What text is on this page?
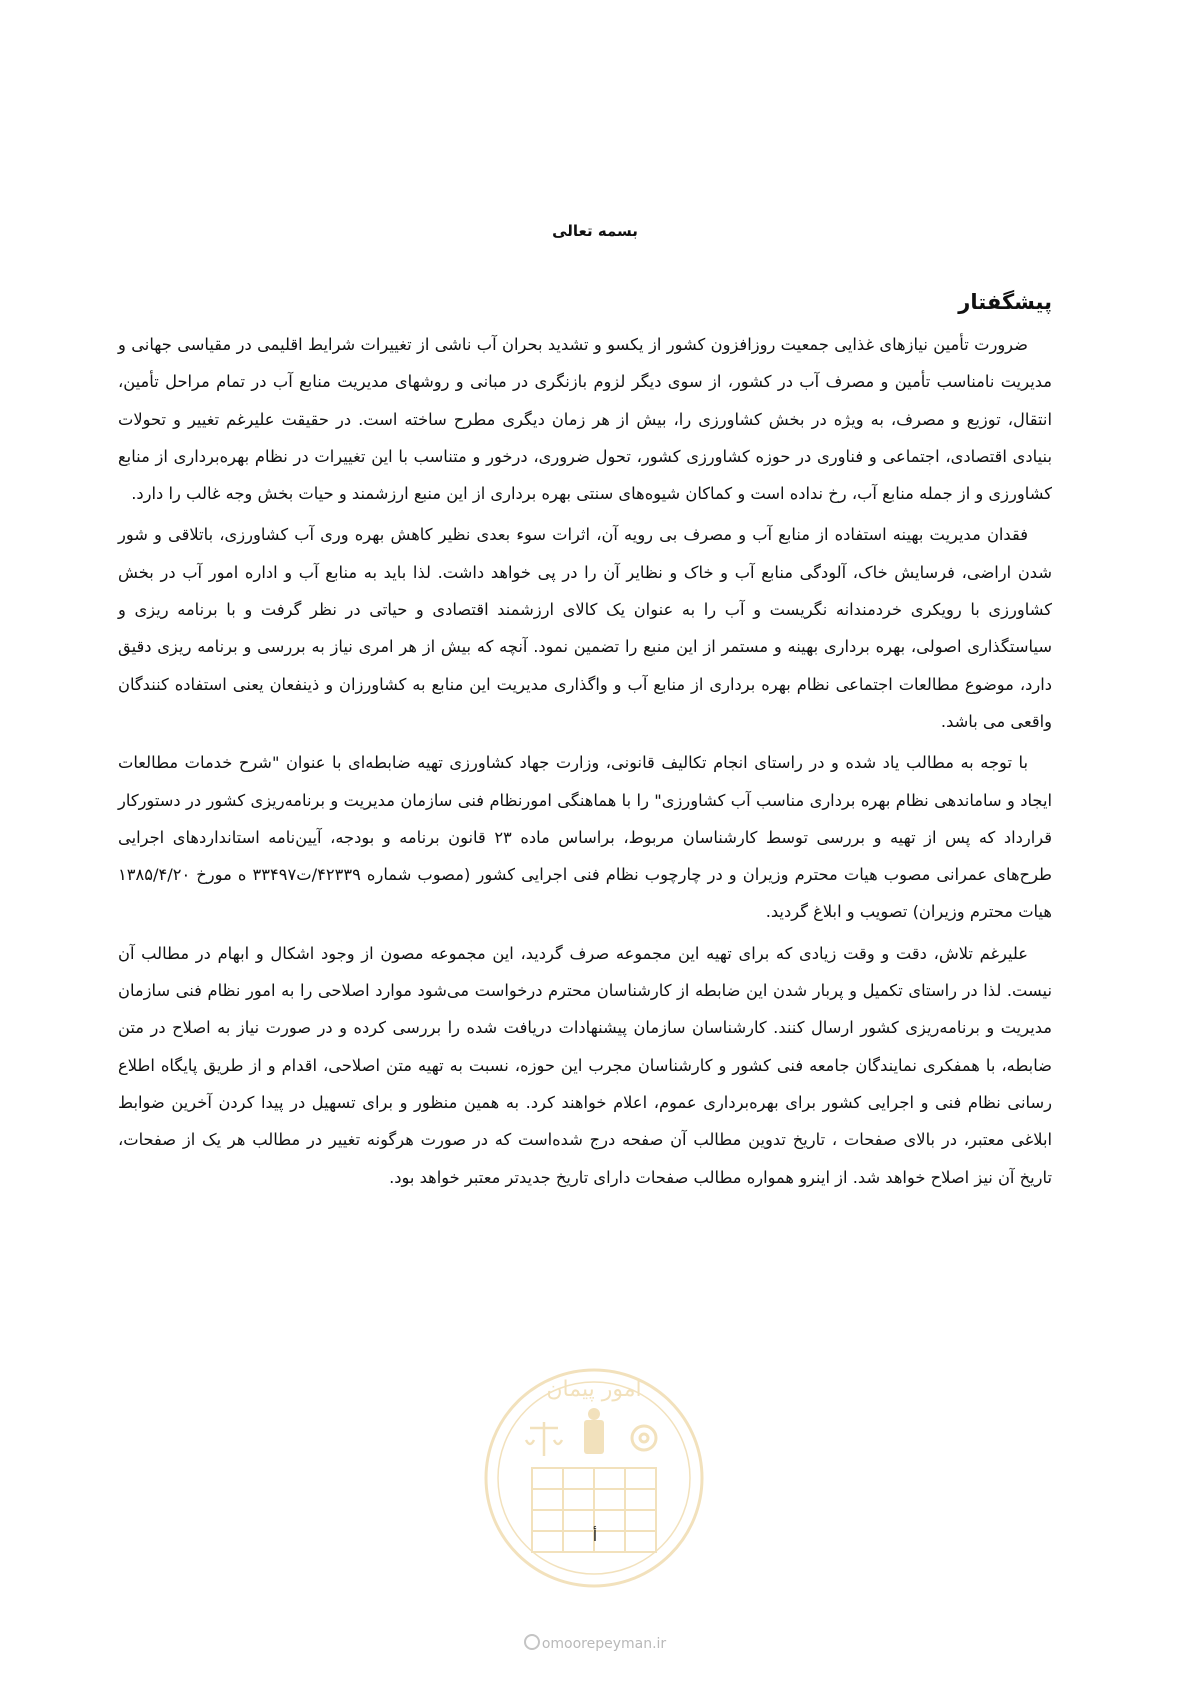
بسمه تعالی
پیشگفتار

ضرورت تأمین نیازهای غذایی جمعیت روزافزون کشور از یکسو و تشدید بحران آب ناشی از تغییرات شرایط اقلیمی در مقیاسی جهانی و مدیریت نامناسب تأمین و مصرف آب در کشور، از سوی دیگر لزوم بازنگری در مبانی و روشهای مدیریت منابع آب در تمام مراحل تأمین، انتقال، توزیع و مصرف، به ویژه در بخش کشاورزی را، بیش از هر زمان دیگری مطرح ساخته است. در حقیقت علیرغم تغییر و تحولات بنیادی اقتصادی، اجتماعی و فناوری در حوزه کشاورزی کشور، تحول ضروری، درخور و متناسب با این تغییرات در نظام بهره‌برداری از منابع کشاورزی و از جمله منابع آب، رخ نداده است و کماکان شیوه‌های سنتی بهره برداری از این منبع ارزشمند و حیات بخش وجه غالب را دارد.

فقدان مدیریت بهینه استفاده از منابع آب و مصرف بی رویه آن، اثرات سوء بعدی نظیر کاهش بهره وری آب کشاورزی، باتلاقی و شور شدن اراضی، فرسایش خاک، آلودگی منابع آب و خاک و نظایر آن را در پی خواهد داشت. لذا باید به منابع آب و اداره امور آب در بخش کشاورزی با رویکری خردمندانه نگریست و آب را به عنوان یک کالای ارزشمند اقتصادی و حیاتی در نظر گرفت و با برنامه ریزی و سیاستگذاری اصولی، بهره برداری بهینه و مستمر از این منبع را تضمین نمود. آنچه که بیش از هر امری نیاز به بررسی و برنامه ریزی دقیق دارد، موضوع مطالعات اجتماعی نظام بهره برداری از منابع آب و واگذاری مدیریت این منابع به کشاورزان و ذینفعان یعنی استفاده کنندگان واقعی می باشد.

با توجه به مطالب یاد شده و در راستای انجام تکالیف قانونی، وزارت جهاد کشاورزی تهیه ضابطه‌ای با عنوان "شرح خدمات مطالعات ایجاد و ساماندهی نظام بهره برداری مناسب آب کشاورزی" را با هماهنگی امورنظام فنی سازمان مدیریت و برنامه‌ریزی کشور در دستورکار قرارداد که پس از تهیه و بررسی توسط کارشناسان مربوط، براساس ماده ۲۳ قانون برنامه و بودجه، آیین‌نامه استانداردهای اجرایی طرح‌های عمرانی مصوب هیات محترم وزیران و در چارچوب نظام فنی اجرایی کشور (مصوب شماره ۴۲۳۳۹/ت۳۳۴۹۷ ه مورخ ۱۳۸۵/۴/۲۰ هیات محترم وزیران) تصویب و ابلاغ گردید.

علیرغم تلاش، دقت و وقت زیادی که برای تهیه این مجموعه صرف گردید، این مجموعه مصون از وجود اشکال و ابهام در مطالب آن نیست. لذا در راستای تکمیل و پربار شدن این ضابطه از کارشناسان محترم درخواست می‌شود موارد اصلاحی را به امور نظام فنی سازمان مدیریت و برنامه‌ریزی کشور ارسال کنند. کارشناسان سازمان پیشنهادات دریافت شده را بررسی کرده و در صورت نیاز به اصلاح در متن ضابطه، با همفکری نمایندگان جامعه فنی کشور و کارشناسان مجرب این حوزه، نسبت به تهیه متن اصلاحی، اقدام و از طریق پایگاه اطلاع رسانی نظام فنی و اجرایی کشور برای بهره‌برداری عموم، اعلام خواهند کرد. به همین منظور و برای تسهیل در پیدا کردن آخرین ضوابط ابلاغی معتبر، در بالای صفحات ، تاریخ تدوین مطالب آن صفحه درج شده‌است که در صورت هرگونه تغییر در مطالب هر یک از صفحات، تاریخ آن نیز اصلاح خواهد شد. از اینرو همواره مطالب صفحات دارای تاریخ جدیدتر معتبر خواهد بود.

امور پیمان
أ
omoorepeyman.ir
